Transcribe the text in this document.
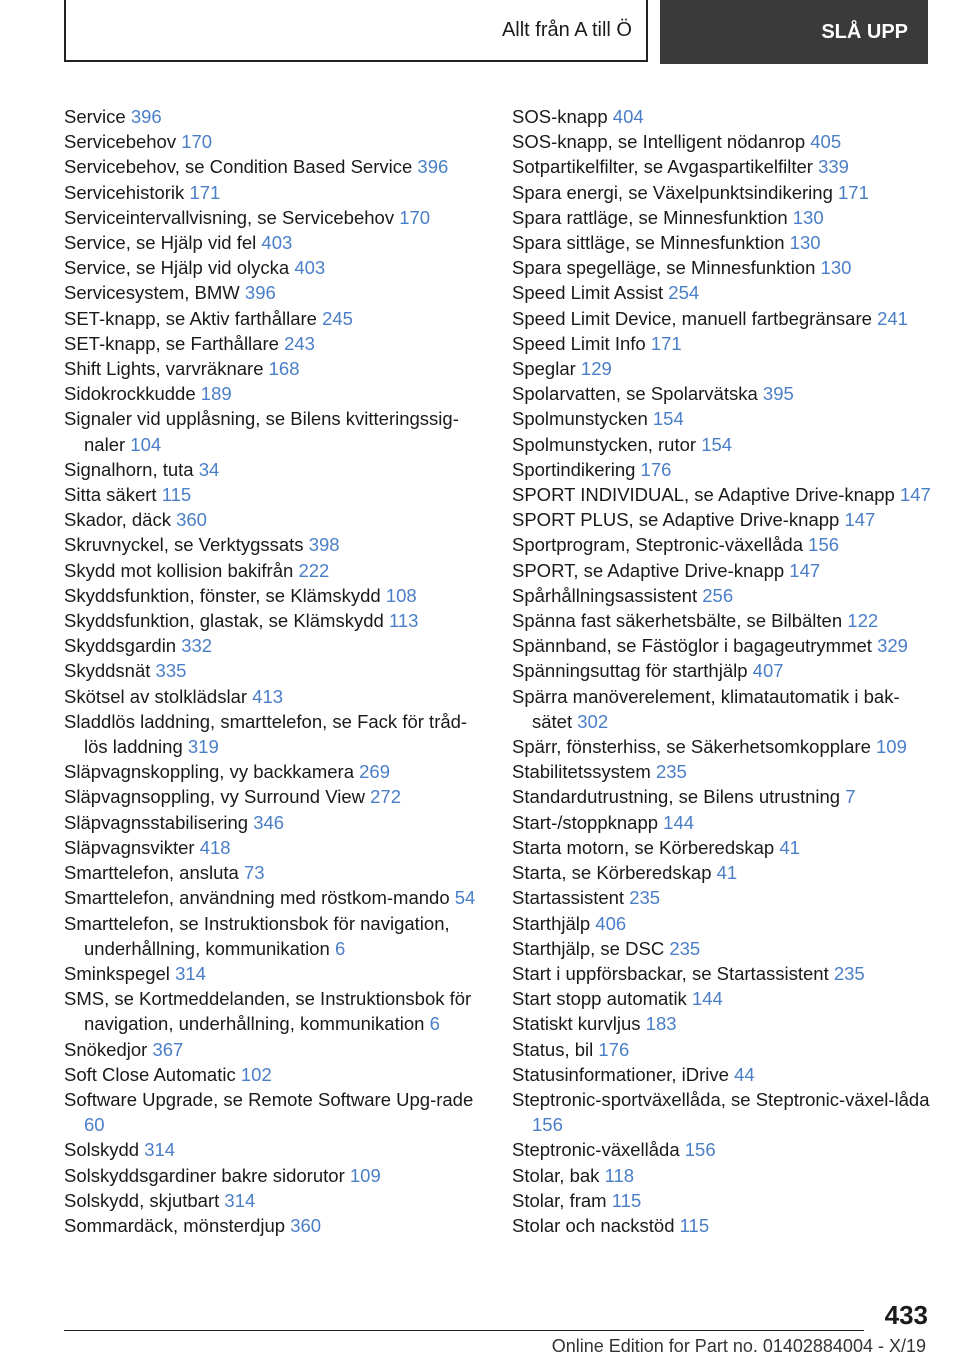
Allt från A till Ö	SLÅ UPP

Service 396

Servicebehov 170

Servicebehov, se Condition Based Service 396

Servicehistorik 171

Serviceintervallvisning, se Servicebehov 170

Service, se Hjälp vid fel 403

Service, se Hjälp vid olycka 403

Servicesystem, BMW 396

SET-knapp, se Aktiv farthållare 245

SET-knapp, se Farthållare 243

Shift Lights, varvräknare 168

Sidokrockkudde 189

Signaler vid upplåsning, se Bilens kvitteringssig-naler 104

Signalhorn, tuta 34

Sitta säkert 115

Skador, däck 360

Skruvnyckel, se Verktygssats 398

Skydd mot kollision bakifrån 222

Skyddsfunktion, fönster, se Klämskydd 108

Skyddsfunktion, glastak, se Klämskydd 113

Skyddsgardin 332

Skyddsnät 335

Skötsel av stolklädslar 413

Sladdlös laddning, smarttelefon, se Fack för tråd-lös laddning 319

Släpvagnskoppling, vy backkamera 269

Släpvagnsoppling, vy Surround View 272

Släpvagnsstabilisering 346

Släpvagnsvikter 418

Smarttelefon, ansluta 73

Smarttelefon, användning med röstkom-mando 54

Smarttelefon, se Instruktionsbok för navigation, underhållning, kommunikation 6

Sminkspegel 314

SMS, se Kortmeddelanden, se Instruktionsbok för navigation, underhållning, kommunikation 6

Snökedjor 367

Soft Close Automatic 102

Software Upgrade, se Remote Software Upg-rade 60

Solskydd 314

Solskyddsgardiner bakre sidorutor 109

Solskydd, skjutbart 314

Sommardäck, mönsterdjup 360

SOS-knapp 404

SOS-knapp, se Intelligent nödanrop 405

Sotpartikelfilter, se Avgaspartikelfilter 339

Spara energi, se Växelpunktsindikering 171

Spara rattläge, se Minnesfunktion 130

Spara sittläge, se Minnesfunktion 130

Spara spegelläge, se Minnesfunktion 130

Speed Limit Assist 254

Speed Limit Device, manuell fartbegränsare 241

Speed Limit Info 171

Speglar 129

Spolarvatten, se Spolarvätska 395

Spolmunstycken 154

Spolmunstycken, rutor 154

Sportindikering 176

SPORT INDIVIDUAL, se Adaptive Drive-knapp 147

SPORT PLUS, se Adaptive Drive-knapp 147

Sportprogram, Steptronic-växellåda 156

SPORT, se Adaptive Drive-knapp 147

Spårhållningsassistent 256

Spänna fast säkerhetsbälte, se Bilbälten 122

Spännband, se Fästöglor i bagageutrymmet 329

Spänningsuttag för starthjälp 407

Spärra manöverelement, klimatautomatik i bak-sätet 302

Spärr, fönsterhiss, se Säkerhetsomkopplare 109

Stabilitetssystem 235

Standardutrustning, se Bilens utrustning 7

Start-/stoppknapp 144

Starta motorn, se Körberedskap 41

Starta, se Körberedskap 41

Startassistent 235

Starthjälp 406

Starthjälp, se DSC 235

Start i uppförsbackar, se Startassistent 235

Start stopp automatik 144

Statiskt kurvljus 183

Status, bil 176

Statusinformationer, iDrive 44

Steptronic-sportväxellåda, se Steptronic-växel-låda 156

Steptronic-växellåda 156

Stolar, bak 118

Stolar, fram 115

Stolar och nackstöd 115

433
Online Edition for Part no. 01402884004 - X/19
